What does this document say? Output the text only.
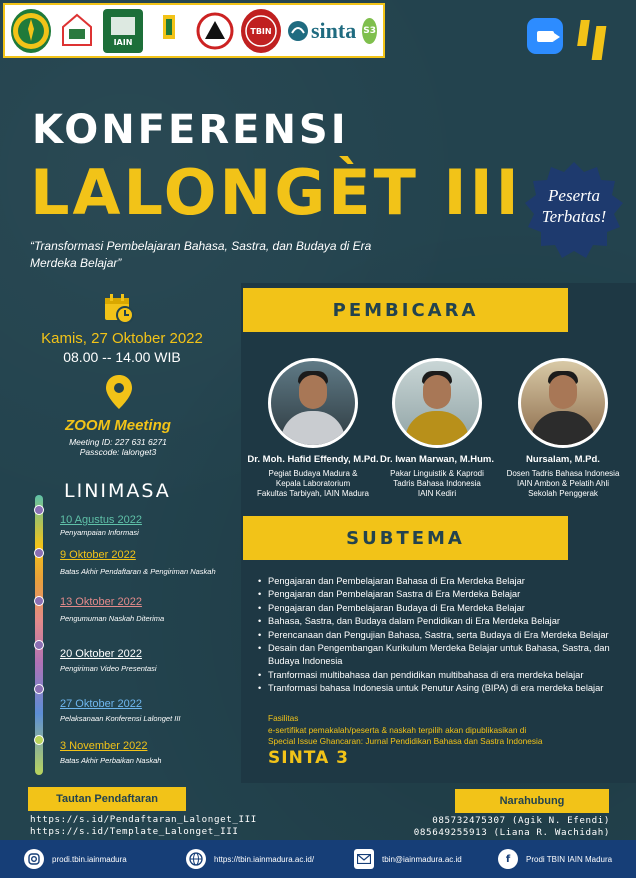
IAIN
TBIN sinta S3
KONFERENSI
LALONGÈT III
“Transformasi Pembelajaran Bahasa, Sastra, dan Budaya di Era Merdeka Belajar”
Peserta
Terbatas!
Kamis, 27 Oktober 2022
08.00 -- 14.00 WIB
ZOOM Meeting
Meeting ID: 227 631 6271
Passcode: lalonget3
PEMBICARA
Dr. Moh. Hafid Effendy, M.Pd.
Pegiat Budaya Madura &
Kepala Laboratorium
Fakultas Tarbiyah, IAIN Madura
Dr. Iwan Marwan, M.Hum.
Pakar Linguistik & Kaprodi
Tadris Bahasa Indonesia
IAIN Kediri
Nursalam, M.Pd.
Dosen Tadris Bahasa Indonesia
IAIN Ambon & Pelatih Ahli
Sekolah Penggerak
SUBTEMA
• Pengajaran dan Pembelajaran Bahasa di Era Merdeka Belajar
• Pengajaran dan Pembelajaran Sastra di Era Merdeka Belajar
• Pengajaran dan Pembelajaran Budaya di Era Merdeka Belajar
• Bahasa, Sastra, dan Budaya dalam Pendidikan di Era Merdeka Belajar
• Perencanaan dan Pengujian Bahasa, Sastra, serta Budaya di Era Merdeka Belajar
• Desain dan Pengembangan Kurikulum Merdeka Belajar untuk Bahasa, Sastra, dan Budaya Indonesia
• Tranformasi multibahasa dan pendidikan multibahasa di era merdeka belajar
• Tranformasi bahasa Indonesia untuk Penutur Asing (BIPA) di era merdeka belajar
Fasilitas
e-sertifikat pemakalah/peserta & naskah terpilih akan dipublikasikan di
Special Issue Ghancaran: Jurnal Pendidikan Bahasa dan Sastra Indonesia
SINTA 3
LINIMASA
10 Agustus 2022
Penyampaian Informasi
9 Oktober 2022
Batas Akhir Pendaftaran & Pengiriman Naskah
13 Oktober 2022
Pengumuman Naskah Diterima
20 Oktober 2022
Pengiriman Video Presentasi
27 Oktober 2022
Pelaksanaan Konferensi Lalonget III
3 November 2022
Batas Akhir Perbaikan Naskah
Tautan Pendaftaran
https://s.id/Pendaftaran_Lalonget_III
https://s.id/Template_Lalonget_III
Narahubung
085732475307 (Agik N. Efendi)
085649255913 (Liana R. Wachidah)
prodi.tbin.iainmadura	https://tbin.iainmadura.ac.id/	tbin@iainmadura.ac.id	f	Prodi TBIN IAIN Madura
